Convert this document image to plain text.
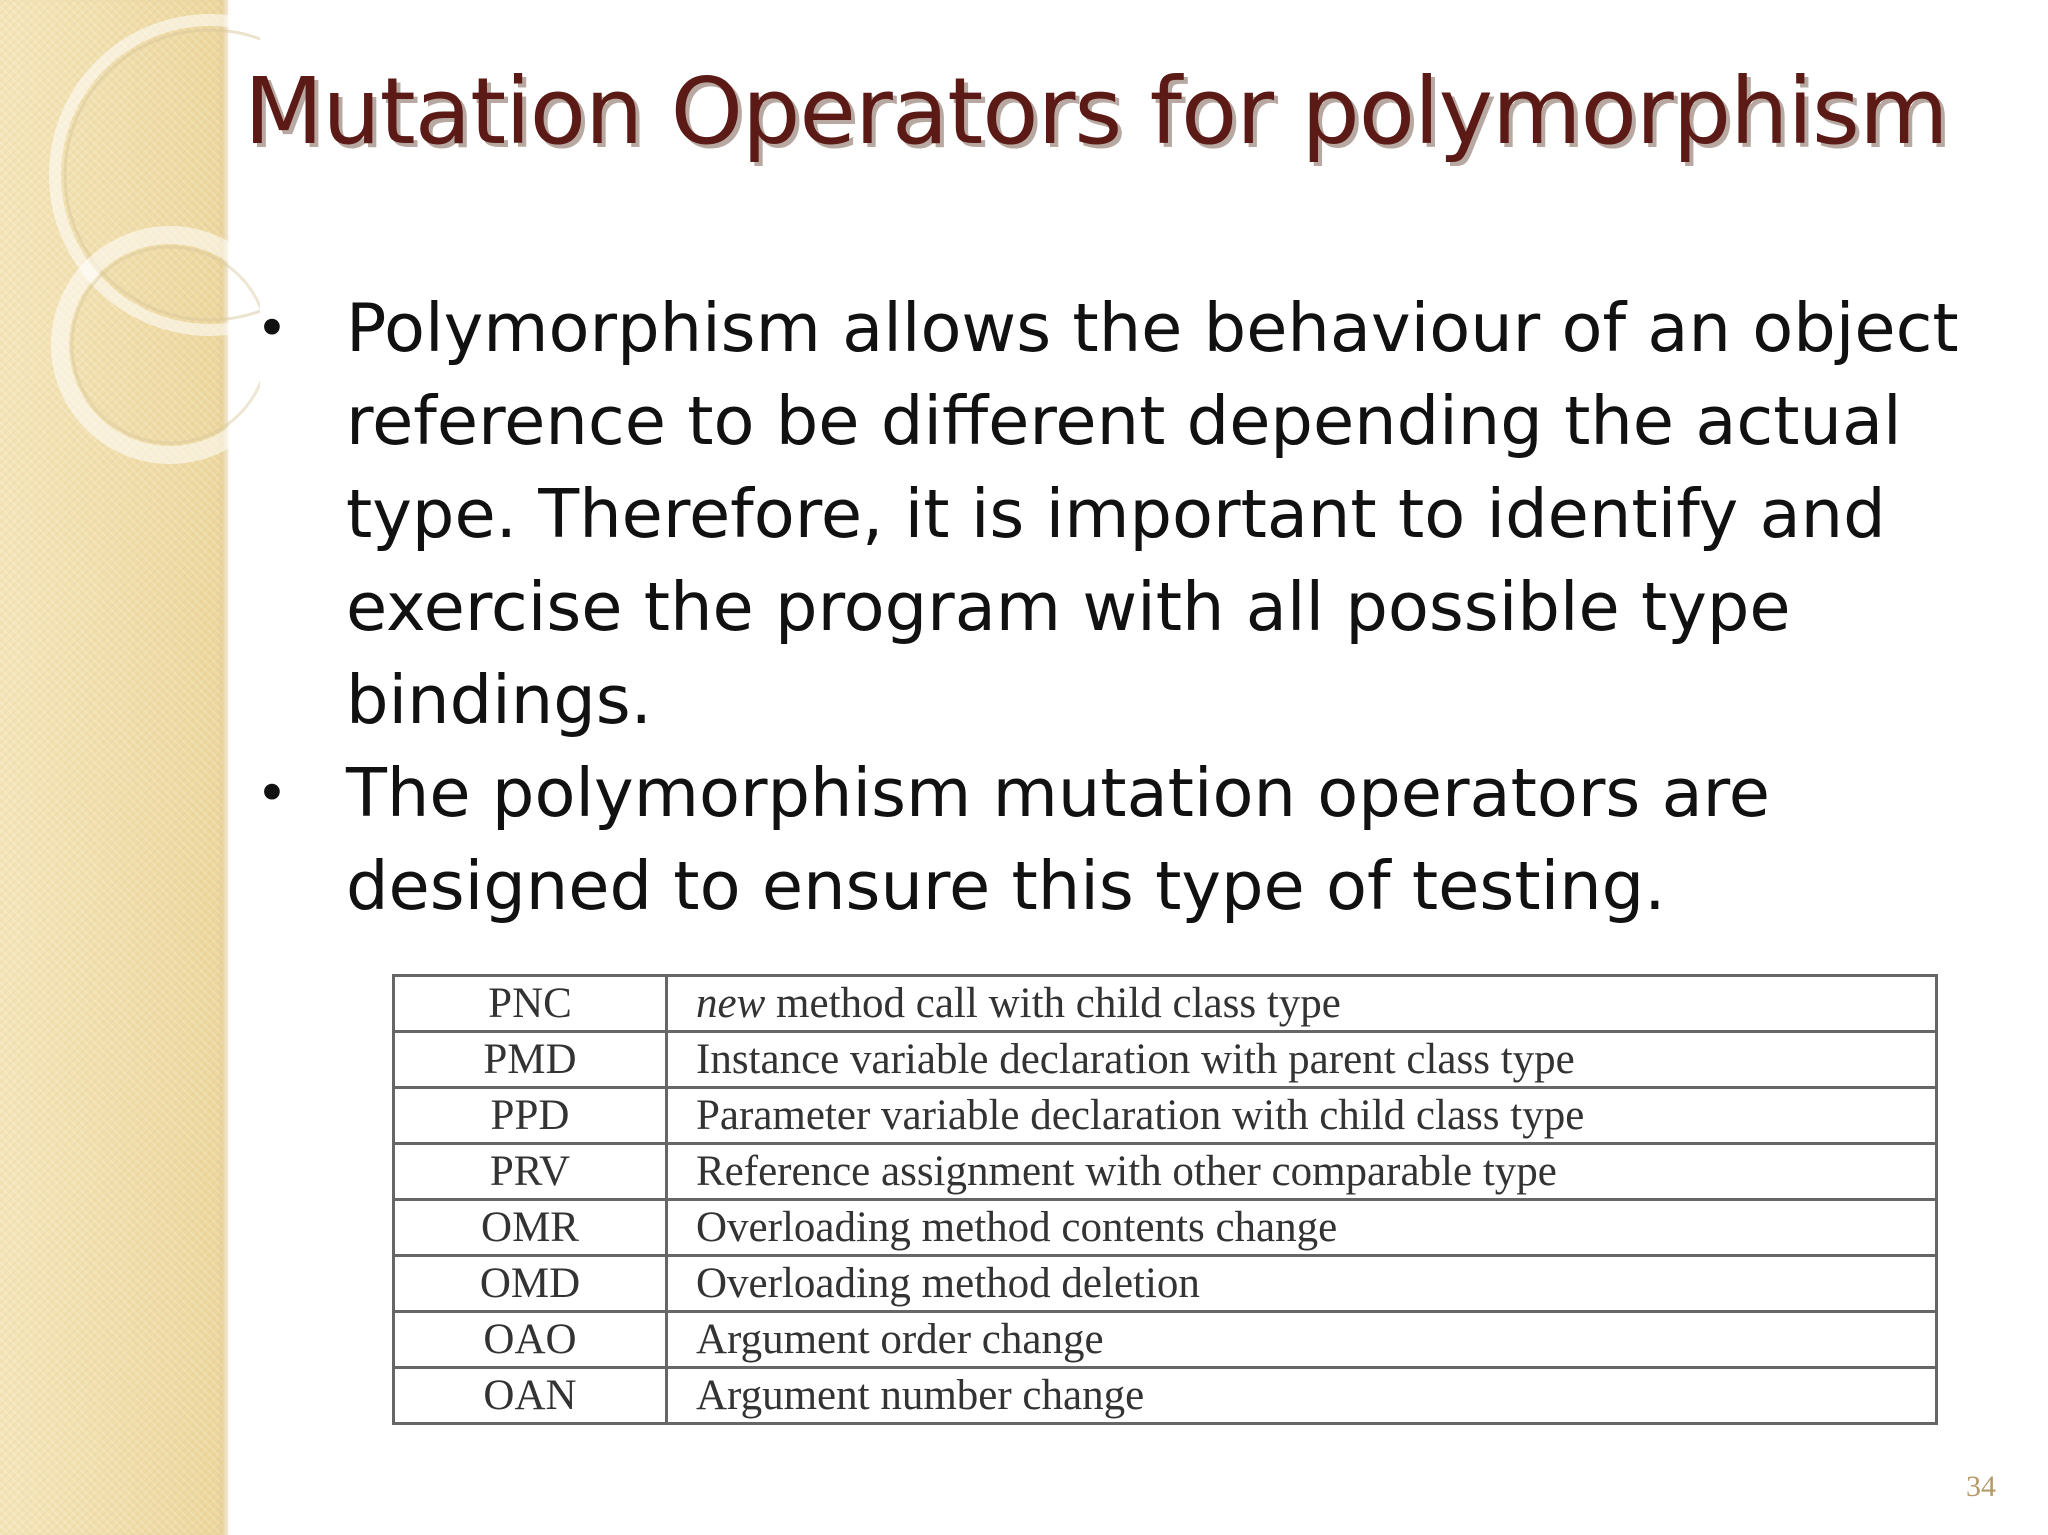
Mutation Operators for polymorphism
• Polymorphism allows the behaviour of an object reference to be different depending the actual type. Therefore, it is important to identify and exercise the program with all possible type bindings.
• The polymorphism mutation operators are designed to ensure this type of testing.
PNC	new method call with child class type
PMD	Instance variable declaration with parent class type
PPD	Parameter variable declaration with child class type
PRV	Reference assignment with other comparable type
OMR	Overloading method contents change
OMD	Overloading method deletion
OAO	Argument order change
OAN	Argument number change
34
